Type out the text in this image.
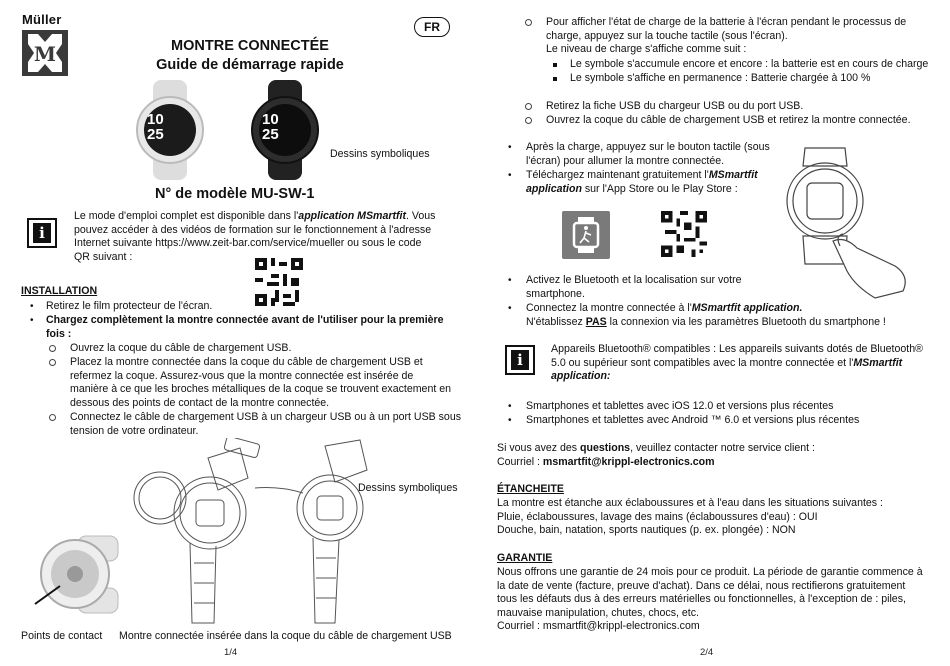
Müller
M
FR
MONTRE CONNECTÉE
Guide de démarrage rapide
10
25
10
25
Dessins symboliques
N° de modèle MU-SW-1
i
Le mode d'emploi complet est disponible dans l'application MSmartfit. Vous
pouvez accéder à des vidéos de formation sur le fonctionnement à l'adresse
Internet suivante https://www.zeit-bar.com/service/mueller ou sous le code
QR suivant :
INSTALLATION
• Retirez le film protecteur de l'écran.
• Chargez complètement la montre connectée avant de l'utiliser pour la première
fois :
Ouvrez la coque du câble de chargement USB.
Placez la montre connectée dans la coque du câble de chargement USB et
refermez la coque. Assurez-vous que la montre connectée est insérée de
manière à ce que les broches métalliques de la coque se trouvent exactement en
dessous des points de contact de la montre connectée.
Connectez le câble de chargement USB à un chargeur USB ou à un port USB sous
tension de votre ordinateur.
Dessins symboliques
Points de contact Montre connectée insérée dans la coque du câble de chargement USB
1/4
Pour afficher l'état de charge de la batterie à l'écran pendant le processus de
charge, appuyez sur la touche tactile (sous l'écran).
Le niveau de charge s'affiche comme suit :
Le symbole s'accumule encore et encore : la batterie est en cours de charge
Le symbole s'affiche en permanence : Batterie chargée à 100 %
Retirez la fiche USB du chargeur USB ou du port USB.
Ouvrez la coque du câble de chargement USB et retirez la montre connectée.
• Après la charge, appuyez sur le bouton tactile (sous
l'écran) pour allumer la montre connectée.
• Téléchargez maintenant gratuitement l'MSmartfit
application sur l'App Store ou le Play Store :
• Activez le Bluetooth et la localisation sur votre
smartphone.
• Connectez la montre connectée à l'MSmartfit application.
N'établissez PAS la connexion via les paramètres Bluetooth du smartphone !
i
Appareils Bluetooth® compatibles : Les appareils suivants dotés de Bluetooth®
5.0 ou supérieur sont compatibles avec la montre connectée et l'MSmartfit
application:
• Smartphones et tablettes avec iOS 12.0 et versions plus récentes
• Smartphones et tablettes avec Android ™ 6.0 et versions plus récentes
Si vous avez des questions, veuillez contacter notre service client :
Courriel : msmartfit@krippl-electronics.com
ÉTANCHEITE
La montre est étanche aux éclaboussures et à l'eau dans les situations suivantes :
Pluie, éclaboussures, lavage des mains (éclaboussures d'eau) : OUI
Douche, bain, natation, sports nautiques (p. ex. plongée) : NON
GARANTIE
Nous offrons une garantie de 24 mois pour ce produit. La période de garantie commence à
la date de vente (facture, preuve d'achat). Dans ce délai, nous rectifierons gratuitement
tous les défauts dus à des erreurs matérielles ou fonctionnelles, à l'exception de : piles,
mauvaise manipulation, chutes, chocs, etc.
Courriel : msmartfit@krippl-electronics.com
2/4
